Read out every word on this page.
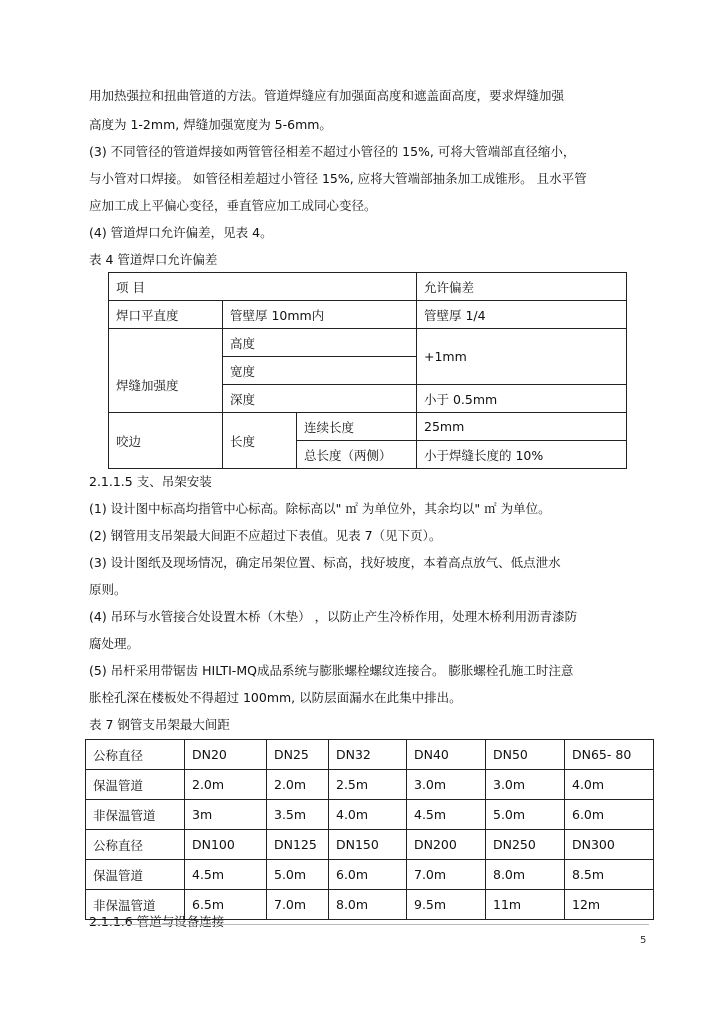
用加热强拉和扭曲管道的方法。管道焊缝应有加强面高度和遮盖面高度，要求焊缝加强
高度为 1-2mm, 焊缝加强宽度为 5-6mm。
(3) 不同管径的管道焊接如两管管径相差不超过小管径的 15%, 可将大管端部直径缩小，
与小管对口焊接。 如管径相差超过小管径 15%, 应将大管端部抽条加工成锥形。 且水平管
应加工成上平偏心变径，垂直管应加工成同心变径。
(4) 管道焊口允许偏差，见表 4。
表 4 管道焊口允许偏差
项 目			允许偏差
焊口平直度	管壁厚 10mm内		管壁厚 1/4
焊缝加强度	高度		+1mm
	宽度		
	深度		小于 0.5mm
咬边	长度	连续长度	25mm
		总长度（两侧）	小于焊缝长度的 10%
2.1.1.5 支、吊架安装
(1) 设计图中标高均指管中心标高。除标高以" ㎡ 为单位外，其余均以" ㎡ 为单位。
(2) 钢管用支吊架最大间距不应超过下表值。见表 7（见下页）。
(3) 设计图纸及现场情况，确定吊架位置、标高，找好坡度，本着高点放气、低点泄水
原则。
(4) 吊环与水管接合处设置木桥（木垫） ，以防止产生冷桥作用，处理木桥利用沥青漆防
腐处理。
(5) 吊杆采用带锯齿 HILTI-MQ成品系统与膨胀螺栓螺纹连接合。 膨胀螺栓孔施工时注意
胀栓孔深在楼板处不得超过 100mm, 以防层面漏水在此集中排出。
表 7 钢管支吊架最大间距
公称直径	DN20	DN25	DN32	DN40	DN50	DN65- 80
保温管道	2.0m	2.0m	2.5m	3.0m	3.0m	4.0m
非保温管道	3m	3.5m	4.0m	4.5m	5.0m	6.0m
公称直径	DN100	DN125	DN150	DN200	DN250	DN300
保温管道	4.5m	5.0m	6.0m	7.0m	8.0m	8.5m
非保温管道	6.5m	7.0m	8.0m	9.5m	11m	12m
2.1.1.6 管道与设备连接
5
